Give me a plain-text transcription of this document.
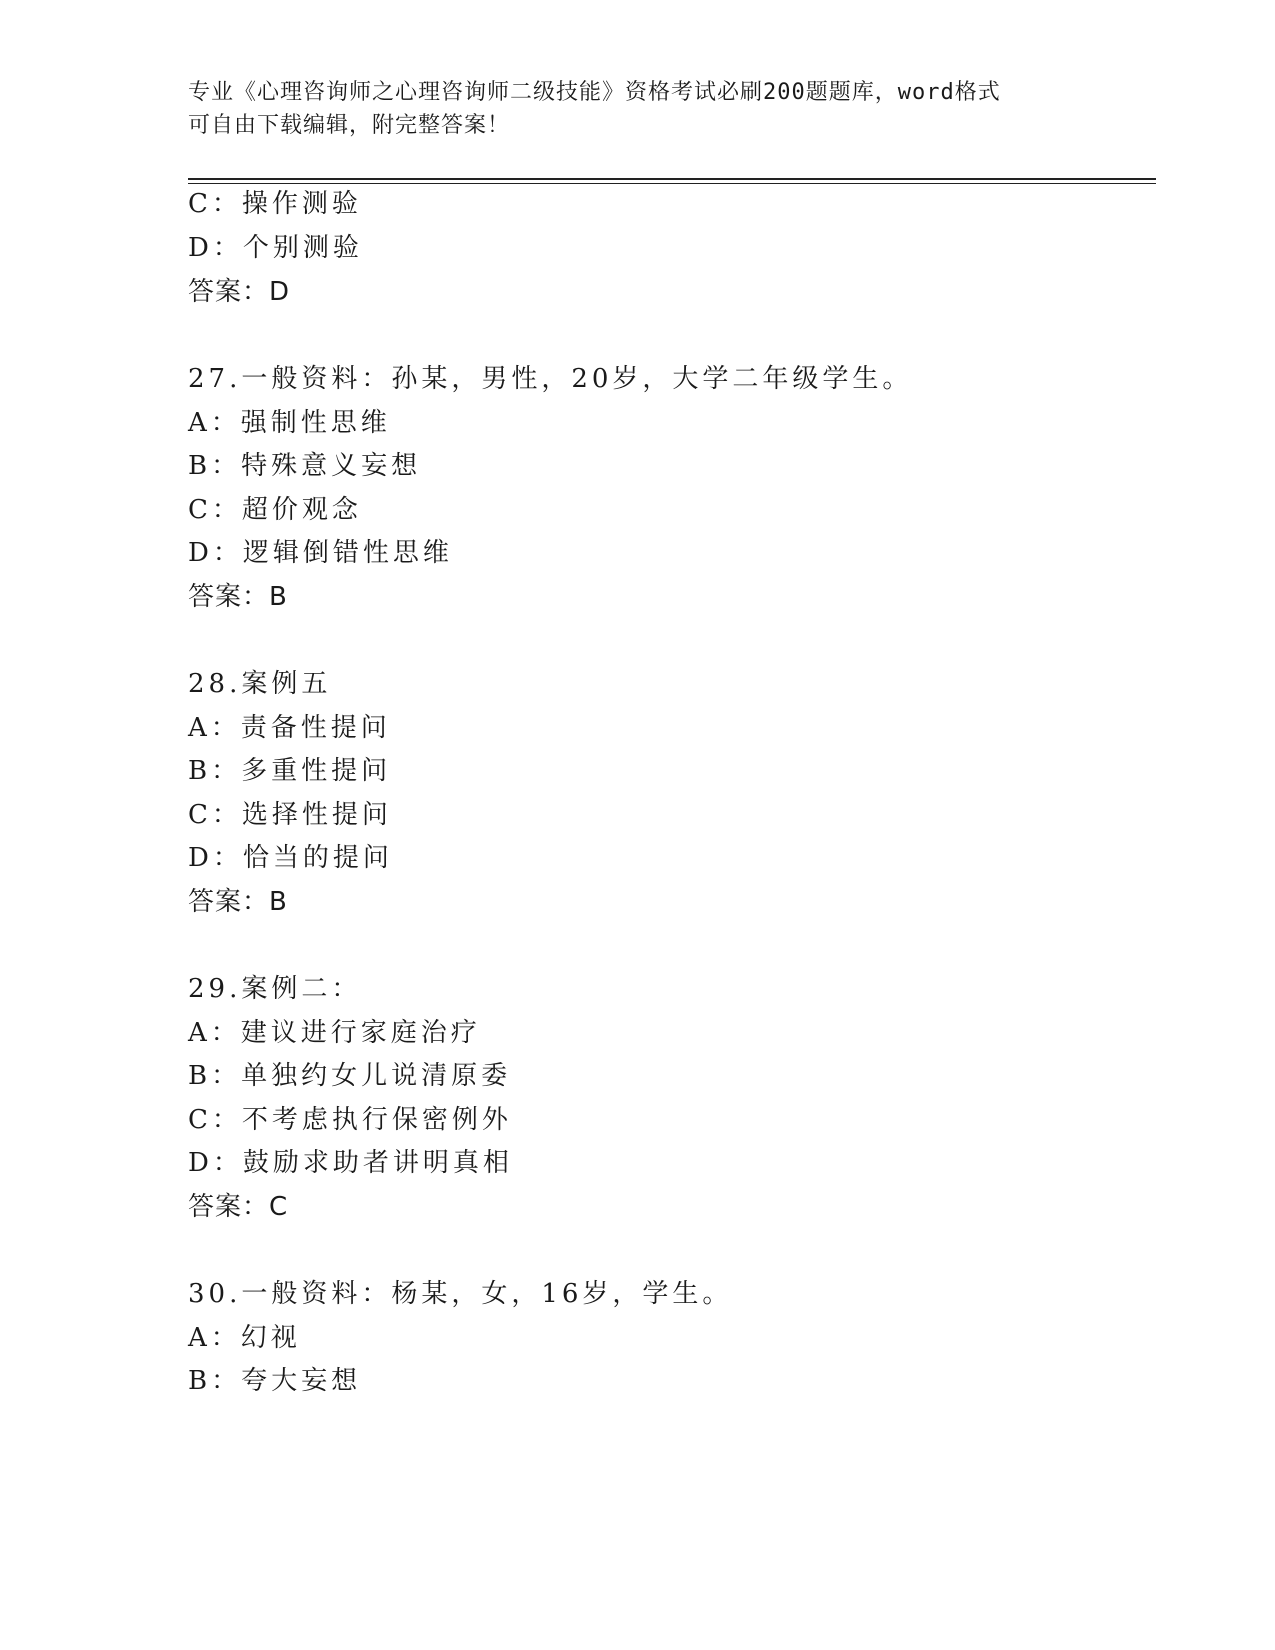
专业《心理咨询师之心理咨询师二级技能》资格考试必刷200题题库，word格式
可自由下载编辑，附完整答案！
C：操作测验
D：个别测验
答案：D
27.一般资料：孙某，男性，20岁，大学二年级学生。
A：强制性思维
B：特殊意义妄想
C：超价观念
D：逻辑倒错性思维
答案：B
28.案例五
A：责备性提问
B：多重性提问
C：选择性提问
D：恰当的提问
答案：B
29.案例二：
A：建议进行家庭治疗
B：单独约女儿说清原委
C：不考虑执行保密例外
D：鼓励求助者讲明真相
答案：C
30.一般资料：杨某，女，16岁，学生。
A：幻视
B：夸大妄想
